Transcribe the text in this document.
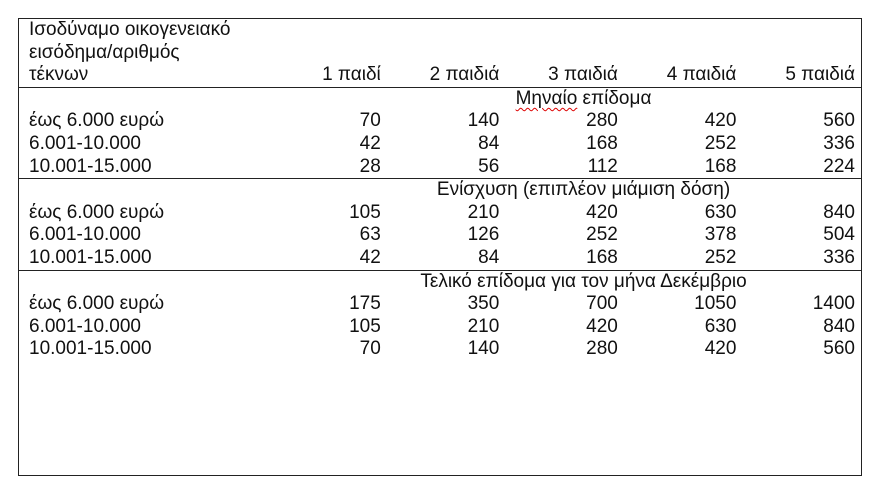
Ισοδύναμο οικογενειακό
εισόδημα/αριθμός
τέκνων	1 παιδί	2 παιδιά	3 παιδιά	4 παιδιά	5 παιδιά
	Μηναίο επίδομα				
έως 6.000 ευρώ	70	140	280	420	560
6.001-10.000	42	84	168	252	336
10.001-15.000	28	56	112	168	224
	Ενίσχυση (επιπλέον μιάμιση δόση)				
έως 6.000 ευρώ	105	210	420	630	840
6.001-10.000	63	126	252	378	504
10.001-15.000	42	84	168	252	336
	Τελικό επίδομα για τον μήνα Δεκέμβριο				
έως 6.000 ευρώ	175	350	700	1050	1400
6.001-10.000	105	210	420	630	840
10.001-15.000	70	140	280	420	560
